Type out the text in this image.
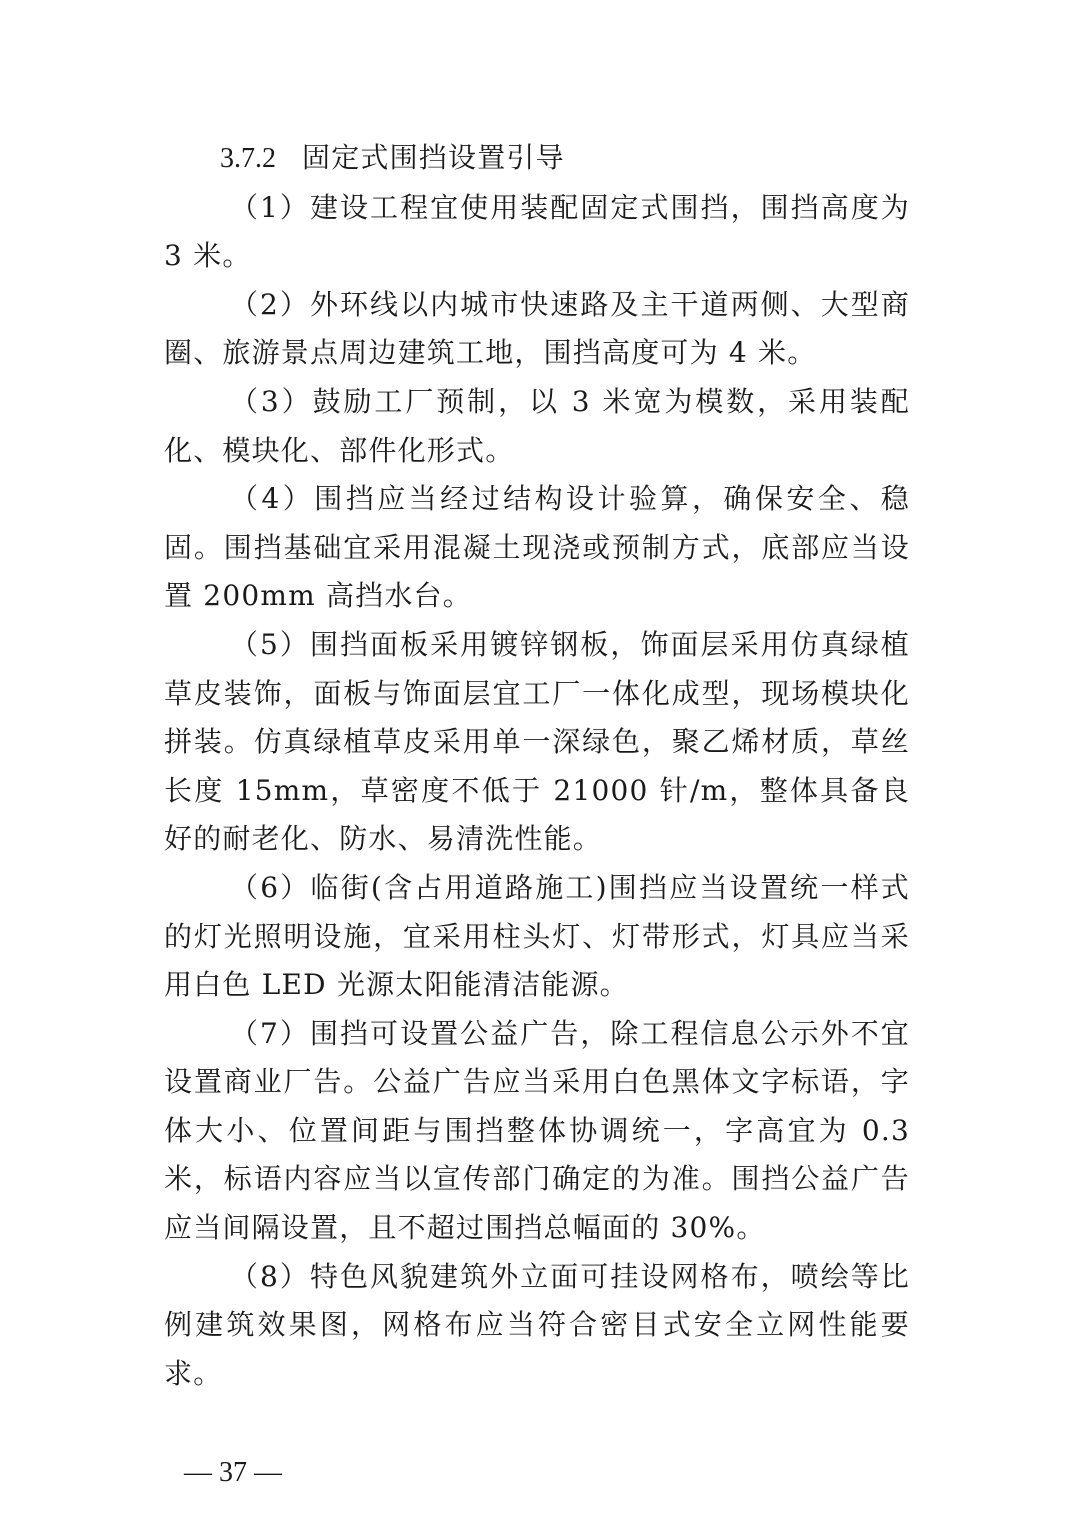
3.7.2 固定式围挡设置引导

（1）建设工程宜使用装配固定式围挡，围挡高度为 3 米。

（2）外环线以内城市快速路及主干道两侧、大型商圈、旅游景点周边建筑工地，围挡高度可为 4 米。

（3）鼓励工厂预制，以 3 米宽为模数，采用装配化、模块化、部件化形式。

（4）围挡应当经过结构设计验算，确保安全、稳固。围挡基础宜采用混凝土现浇或预制方式，底部应当设置 200mm 高挡水台。

（5）围挡面板采用镀锌钢板，饰面层采用仿真绿植草皮装饰，面板与饰面层宜工厂一体化成型，现场模块化拼装。仿真绿植草皮采用单一深绿色，聚乙烯材质，草丝长度 15mm，草密度不低于 21000 针/m，整体具备良好的耐老化、防水、易清洗性能。

（6）临街(含占用道路施工)围挡应当设置统一样式的灯光照明设施，宜采用柱头灯、灯带形式，灯具应当采用白色 LED 光源太阳能清洁能源。

（7）围挡可设置公益广告，除工程信息公示外不宜设置商业厂告。公益广告应当采用白色黑体文字标语，字体大小、位置间距与围挡整体协调统一，字高宜为 0.3 米，标语内容应当以宣传部门确定的为准。围挡公益广告应当间隔设置，且不超过围挡总幅面的 30%。

（8）特色风貌建筑外立面可挂设网格布，喷绘等比例建筑效果图，网格布应当符合密目式安全立网性能要求。

— 37 —
